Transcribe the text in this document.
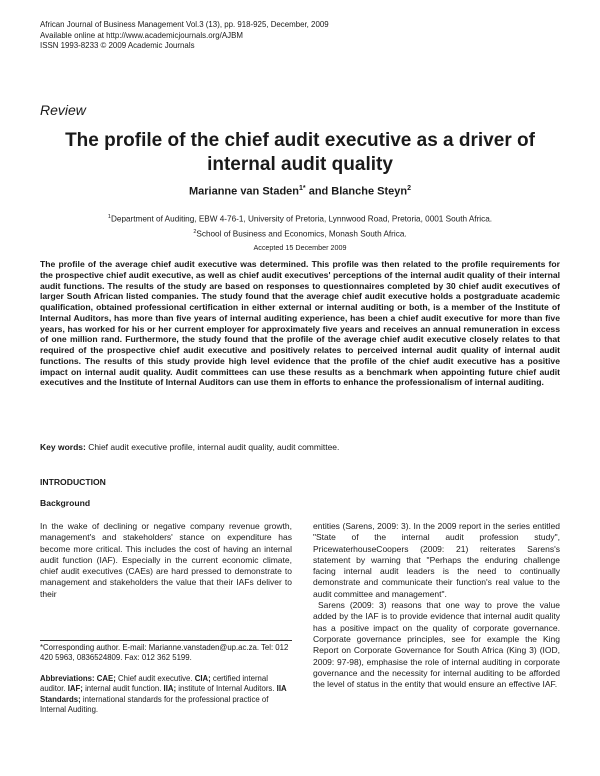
African Journal of Business Management Vol.3 (13), pp. 918-925, December, 2009
Available online at http://www.academicjournals.org/AJBM
ISSN 1993-8233 © 2009 Academic Journals
Review
The profile of the chief audit executive as a driver of internal audit quality
Marianne van Staden$^{1*}$ and Blanche Steyn$^2$
$^1$Department of Auditing, EBW 4-76-1, University of Pretoria, Lynnwood Road, Pretoria, 0001 South Africa.
$^2$School of Business and Economics, Monash South Africa.
Accepted 15 December 2009
The profile of the average chief audit executive was determined. This profile was then related to the profile requirements for the prospective chief audit executive, as well as chief audit executives' perceptions of the internal audit quality of their internal audit functions. The results of the study are based on responses to questionnaires completed by 30 chief audit executives of larger South African listed companies. The study found that the average chief audit executive holds a postgraduate academic qualification, obtained professional certification in either external or internal auditing or both, is a member of the Institute of Internal Auditors, has more than five years of internal auditing experience, has been a chief audit executive for more than five years, has worked for his or her current employer for approximately five years and receives an annual remuneration in excess of one million rand. Furthermore, the study found that the profile of the average chief audit executive closely relates to that required of the prospective chief audit executive and positively relates to perceived internal audit quality of internal audit functions. The results of this study provide high level evidence that the profile of the chief audit executive has a positive impact on internal audit quality. Audit committees can use these results as a benchmark when appointing future chief audit executives and the Institute of Internal Auditors can use them in efforts to enhance the professionalism of internal auditing.
Key words: Chief audit executive profile, internal audit quality, audit committee.
INTRODUCTION
Background

In the wake of declining or negative company revenue growth, management's and stakeholders' stance on expenditure has become more critical. This includes the cost of having an internal audit function (IAF). Especially in the current economic climate, chief audit executives (CAEs) are hard pressed to demonstrate to management and stakeholders the value that their IAFs deliver to their

entities (Sarens, 2009: 3). In the 2009 report in the series entitled "State of the internal audit profession study", PricewaterhouseCoopers (2009: 21) reiterates Sarens's statement by warning that "Perhaps the enduring challenge facing internal audit leaders is the need to continually demonstrate and communicate their function's real value to the audit committee and management".

Sarens (2009: 3) reasons that one way to prove the value added by the IAF is to provide evidence that internal audit quality has a positive impact on the quality of corporate governance. Corporate governance principles, see for example the King Report on Corporate Governance for South Africa (King 3) (IOD, 2009: 97-98), emphasise the role of internal auditing in corporate governance and the necessity for internal auditing to be afforded the level of status in the entity that would ensure an effective IAF.

*Corresponding author. E-mail: Marianne.vanstaden@up.ac.za. Tel: 012 420 5963, 0836524809. Fax: 012 362 5199.
Abbreviations: CAE; Chief audit executive. CIA; certified internal auditor. IAF; internal audit function. IIA; institute of Internal Auditors. IIA Standards; international standards for the professional practice of Internal Auditing.
